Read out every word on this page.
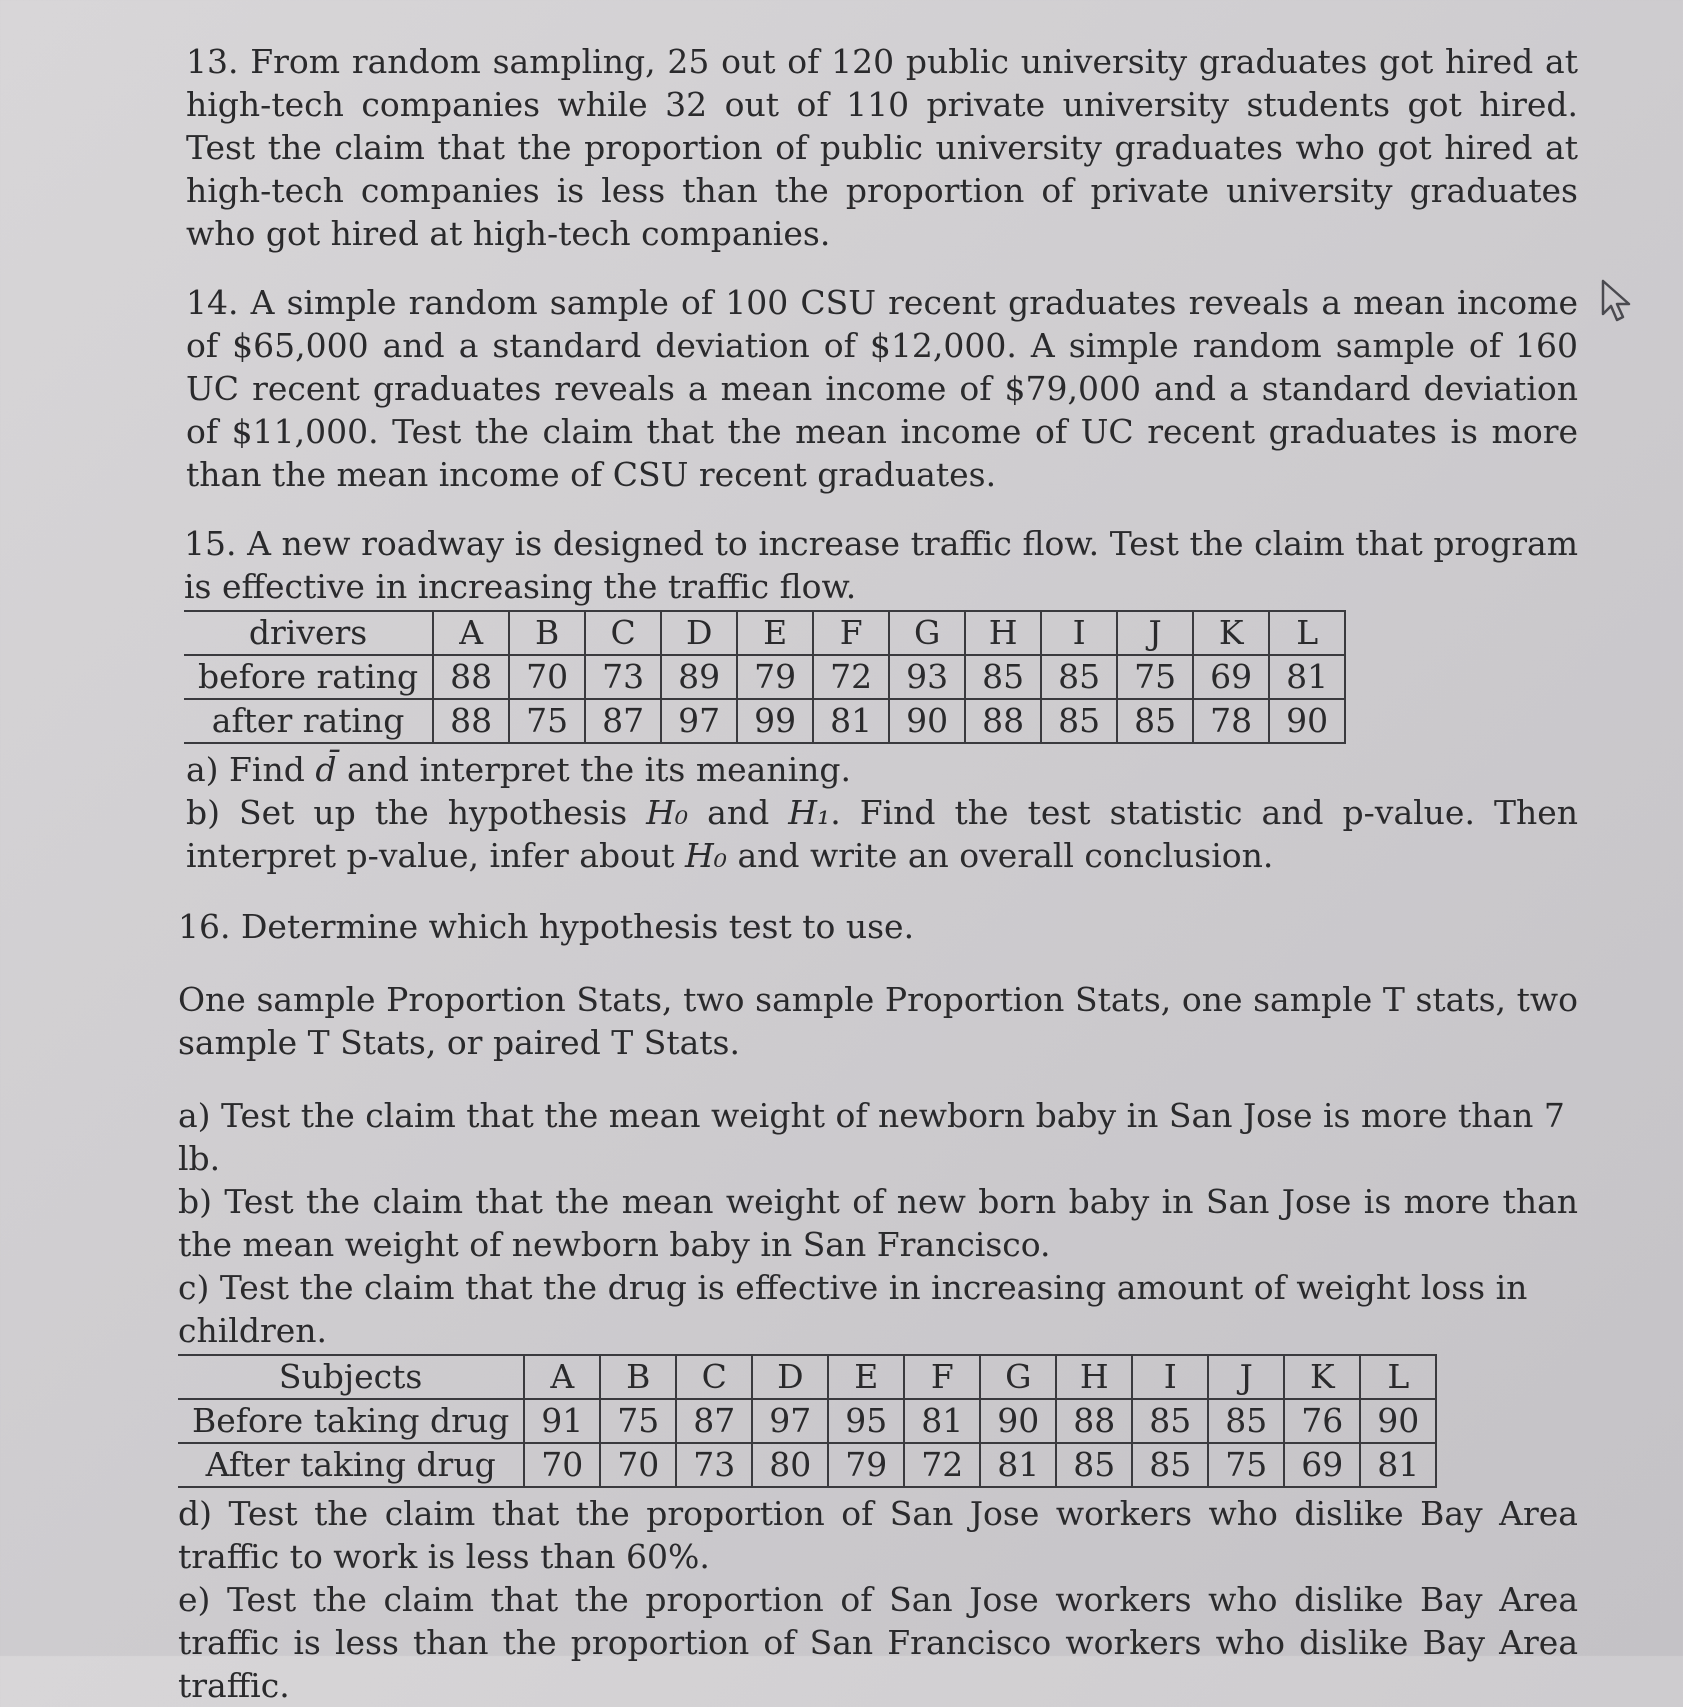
13. From random sampling, 25 out of 120 public university graduates got hired at high-tech companies while 32 out of 110 private university students got hired. Test the claim that the proportion of public university graduates who got hired at high-tech companies is less than the proportion of private university graduates who got hired at high-tech companies.

14. A simple random sample of 100 CSU recent graduates reveals a mean income of $65,000 and a standard deviation of $12,000. A simple random sample of 160 UC recent graduates reveals a mean income of $79,000 and a standard deviation of $11,000. Test the claim that the mean income of UC recent graduates is more than the mean income of CSU recent graduates.

15. A new roadway is designed to increase traffic flow. Test the claim that program is effective in increasing the traffic flow.

drivers	A	B	C	D	E	F	G	H	I	J	K	L
before rating	88	70	73	89	79	72	93	85	85	75	69	81
after rating	88	75	87	97	99	81	90	88	85	85	78	90

a) Find d̄ and interpret the its meaning.

b) Set up the hypothesis H₀ and H₁. Find the test statistic and p-value. Then interpret p-value, infer about H₀ and write an overall conclusion.

16. Determine which hypothesis test to use.

One sample Proportion Stats, two sample Proportion Stats, one sample T stats, two sample T Stats, or paired T Stats.

a) Test the claim that the mean weight of newborn baby in San Jose is more than 7 lb.

b) Test the claim that the mean weight of new born baby in San Jose is more than the mean weight of newborn baby in San Francisco.

c) Test the claim that the drug is effective in increasing amount of weight loss in children.

Subjects	A	B	C	D	E	F	G	H	I	J	K	L
Before taking drug	91	75	87	97	95	81	90	88	85	85	76	90
After taking drug	70	70	73	80	79	72	81	85	85	75	69	81

d) Test the claim that the proportion of San Jose workers who dislike Bay Area traffic to work is less than 60%.

e) Test the claim that the proportion of San Jose workers who dislike Bay Area traffic is less than the proportion of San Francisco workers who dislike Bay Area traffic.
